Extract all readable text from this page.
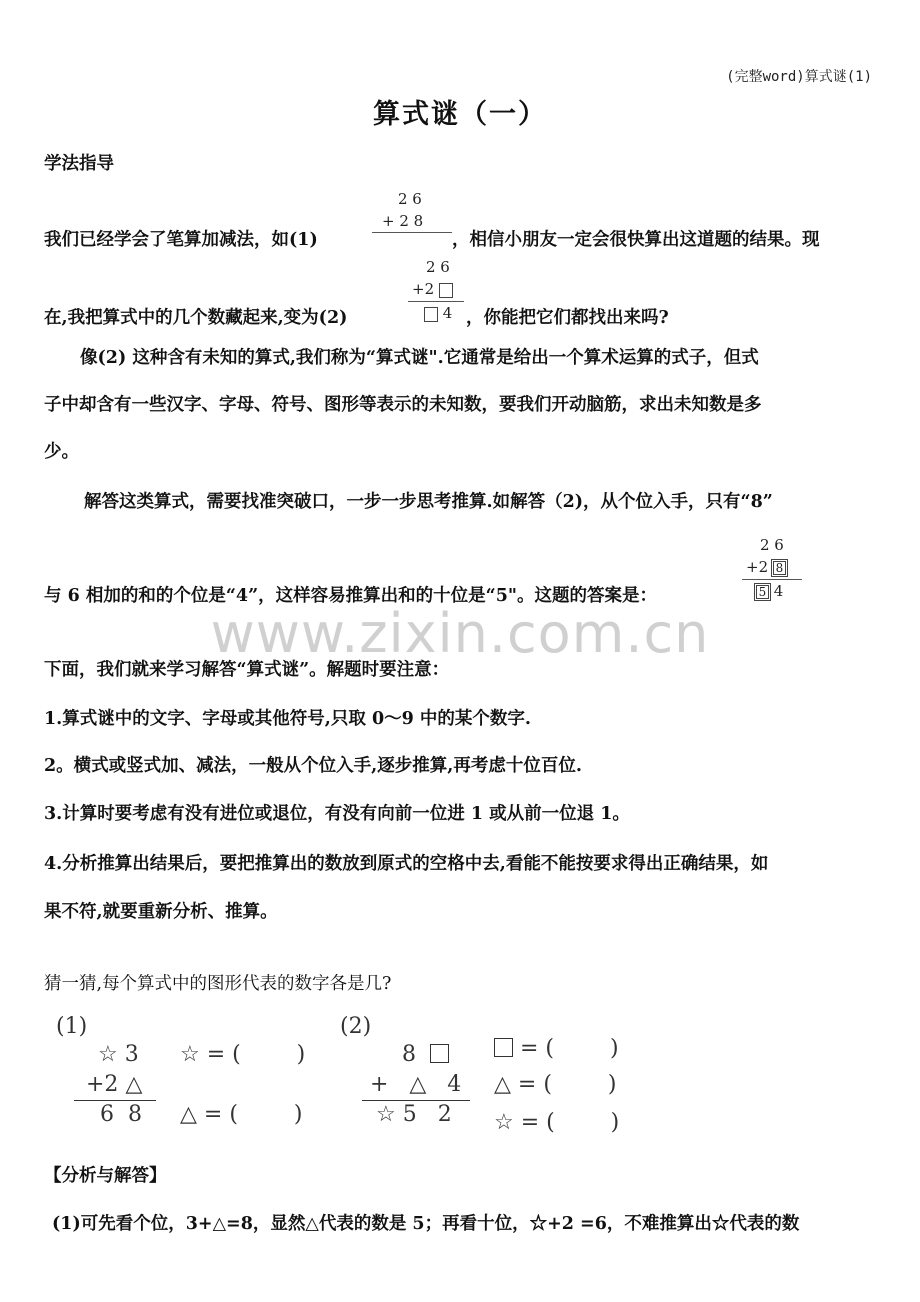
(完整word)算式谜(1)
算式谜（一）
学法指导
我们已经学会了笔算加减法，如(1)
2 6
+ 2 8
，相信小朋友一定会很快算出这道题的结果。现
在,我把算式中的几个数藏起来,变为(2)
2 6
+2
4 ，你能把它们都找出来吗?
像(2) 这种含有未知的算式,我们称为“算式谜".它通常是给出一个算术运算的式子，但式
子中却含有一些汉字、字母、符号、图形等表示的未知数，要我们开动脑筋，求出未知数是多
少。
解答这类算式，需要找准突破口，一步一步思考推算.如解答（2)，从个位入手，只有“8”
与 6 相加的和的个位是“4”，这样容易推算出和的十位是“5"。这题的答案是：
2 6
+2 8
5 4
www.zixin.com.cn
下面，我们就来学习解答“算式谜”。解题时要注意：
1.算式谜中的文字、字母或其他符号,只取 0～9 中的某个数字.
2。横式或竖式加、减法，一般从个位入手,逐步推算,再考虑十位百位.
3.计算时要考虑有没有进位或退位，有没有向前一位进 1 或从前一位退 1。
4.分析推算出结果后，要把推算出的数放到原式的空格中去,看能不能按要求得出正确结果，如
果不符,就要重新分析、推算。
猜一猜,每个算式中的图形代表的数字各是几?
(1)
☆ 3
+2 △
6  8
☆ = (        )
△ = (        )
(2)
8
+   △   4
☆ 5   2
= (        )
△ = (        )
☆ = (        )
【分析与解答】
(1)可先看个位，3+△=8，显然△代表的数是 5；再看十位，☆+2 =6，不难推算出☆代表的数
